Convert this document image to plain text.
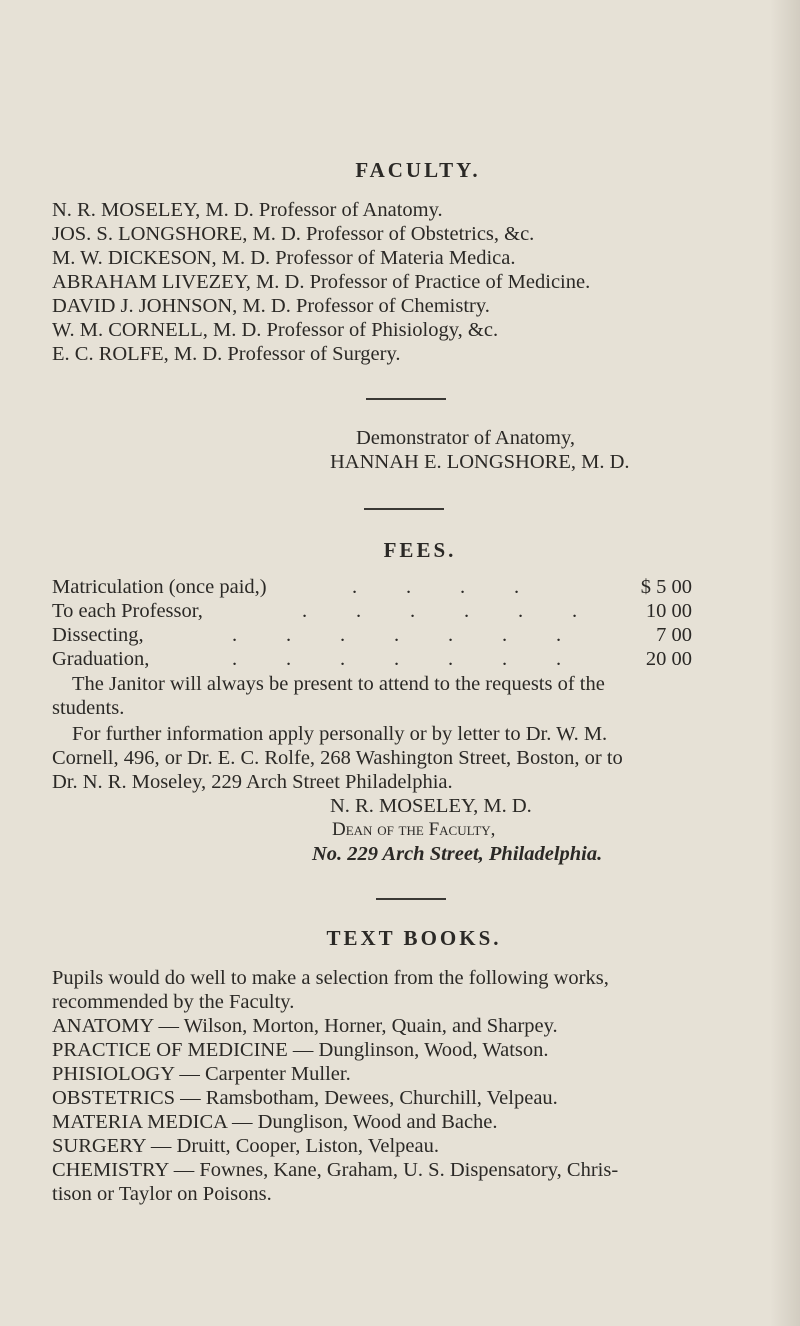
FACULTY.
N. R. MOSELEY, M. D. Professor of Anatomy.
JOS. S. LONGSHORE, M. D. Professor of Obstetrics, &c.
M. W. DICKESON, M. D. Professor of Materia Medica.
ABRAHAM LIVEZEY, M. D. Professor of Practice of Medicine.
DAVID J. JOHNSON, M. D. Professor of Chemistry.
W. M. CORNELL, M. D. Professor of Phisiology, &c.
E. C. ROLFE, M. D. Professor of Surgery.
Demonstrator of Anatomy,
HANNAH E. LONGSHORE, M. D.
FEES.
Matriculation (once paid,)	. . . .	$ 5 00
To each Professor,	. . . . . .	10 00
Dissecting,	. . . . . . .	7 00
Graduation,	. . . . . . .	20 00
The Janitor will always be present to attend to the requests of the
students.
For further information apply personally or by letter to Dr. W. M.
Cornell, 496, or Dr. E. C. Rolfe, 268 Washington Street, Boston, or to
Dr. N. R. Moseley, 229 Arch Street Philadelphia.
N. R. MOSELEY, M. D.
Dean of the Faculty,
No. 229 Arch Street, Philadelphia.
TEXT BOOKS.
Pupils would do well to make a selection from the following works,
recommended by the Faculty.
ANATOMY — Wilson, Morton, Horner, Quain, and Sharpey.
PRACTICE OF MEDICINE — Dunglinson, Wood, Watson.
PHISIOLOGY — Carpenter Muller.
OBSTETRICS — Ramsbotham, Dewees, Churchill, Velpeau.
MATERIA MEDICA — Dunglison, Wood and Bache.
SURGERY — Druitt, Cooper, Liston, Velpeau.
CHEMISTRY — Fownes, Kane, Graham, U. S. Dispensatory, Chris-
tison or Taylor on Poisons.
